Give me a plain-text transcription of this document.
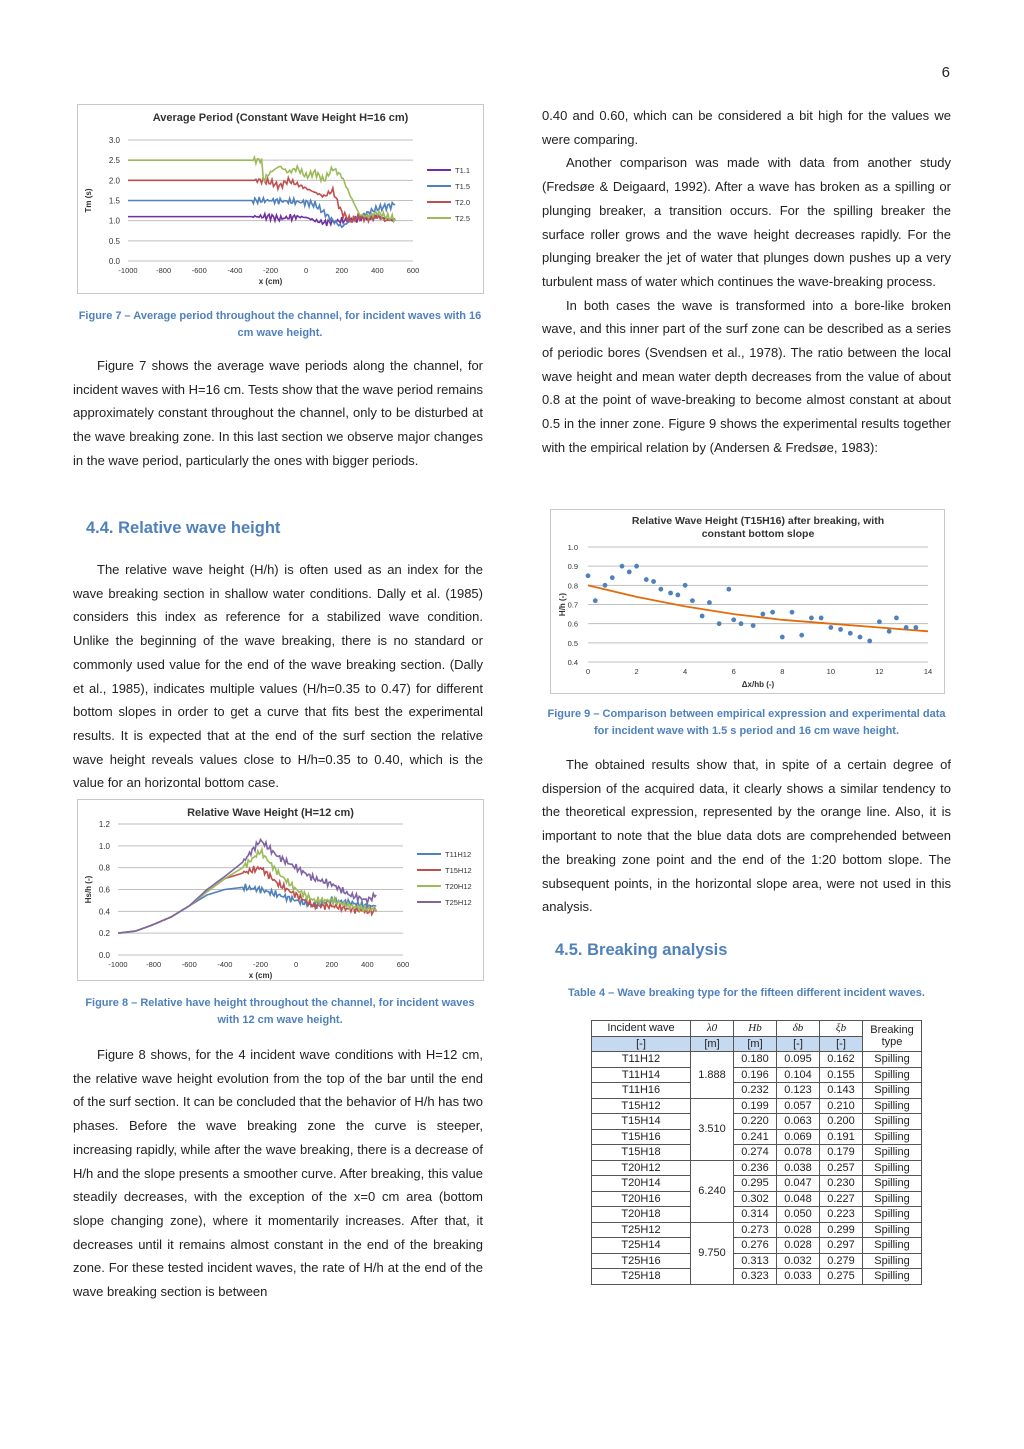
6
Average Period (Constant Wave Height H=16 cm)
0.0
0.5
1.0
1.5
2.0
2.5
3.0
-1000 -800	-600	-400	-200	0	200	400	600
x (cm)
Tm (s)
T1.1
T1.5
T2.0
T2.5
Figure 7 – Average period throughout the channel, for incident waves with 16 cm wave height.

Figure 7 shows the average wave periods along the channel, for incident waves with H=16 cm. Tests show that the wave period remains approximately constant throughout the channel, only to be disturbed at the wave breaking zone. In this last section we observe major changes in the wave period, particularly the ones with bigger periods.

4.4. Relative wave height

The relative wave height (H/h) is often used as an index for the wave breaking section in shallow water conditions. Dally et al. (1985) considers this index as reference for a stabilized wave condition. Unlike the beginning of the wave breaking, there is no standard or commonly used value for the end of the wave breaking section. (Dally et al., 1985), indicates multiple values (H/h=0.35 to 0.47) for different bottom slopes in order to get a curve that fits best the experimental results. It is expected that at the end of the surf section the relative wave height reveals values close to H/h=0.35 to 0.40, which is the value for an horizontal bottom case.

Relative Wave Height (H=12 cm)
0.0
0.2
0.4
0.6
0.8
1.0
1.2
-1000 -800	-600	-400	-200	0	200	400	600
x (cm)
Hs/h (-)
T11H12
T15H12
T20H12
T25H12
Figure 8 – Relative have height throughout the channel, for incident waves with 12 cm wave height.

Figure 8 shows, for the 4 incident wave conditions with H=12 cm, the relative wave height evolution from the top of the bar until the end of the surf section. It can be concluded that the behavior of H/h has two phases. Before the wave breaking zone the curve is steeper, increasing rapidly, while after the wave breaking, there is a decrease of H/h and the slope presents a smoother curve. After breaking, this value steadily decreases, with the exception of the x=0 cm area (bottom slope changing zone), where it momentarily increases. After that, it decreases until it remains almost constant in the end of the breaking zone. For these tested incident waves, the rate of H/h at the end of the wave breaking section is between

0.40 and 0.60, which can be considered a bit high for the values we were comparing.

Another comparison was made with data from another study (Fredsøe & Deigaard, 1992). After a wave has broken as a spilling or plunging breaker, a transition occurs. For the spilling breaker the surface roller grows and the wave height decreases rapidly. For the plunging breaker the jet of water that plunges down pushes up a very turbulent mass of water which continues the wave-breaking process.

In both cases the wave is transformed into a bore-like broken wave, and this inner part of the surf zone can be described as a series of periodic bores (Svendsen et al., 1978). The ratio between the local wave height and mean water depth decreases from the value of about 0.8 at the point of wave-breaking to become almost constant at about 0.5 in the inner zone. Figure 9 shows the experimental results together with the empirical relation by (Andersen & Fredsøe, 1983):

Relative Wave Height (T15H16) after breaking, with constant bottom slope
0.4
0.5
0.6
0.7
0.8
0.9
1.0
0	2	4	6	8	10	12	14
Δx/hb (-)
H/h (-)
Figure 9 – Comparison between empirical expression and experimental data for incident wave with 1.5 s period and 16 cm wave height.

The obtained results show that, in spite of a certain degree of dispersion of the acquired data, it clearly shows a similar tendency to the theoretical expression, represented by the orange line. Also, it is important to note that the blue data dots are comprehended between the breaking zone point and the end of the 1:20 bottom slope. The subsequent points, in the horizontal slope area, were not used in this analysis.

4.5. Breaking analysis
Table 4 – Wave breaking type for the fifteen different incident waves.
Incident wave	λ0	Hb	δb	ξb	Breaking type
[-]	[m]	[m]	[-]	[-]	
T11H12	1.888	0.180	0.095	0.162	Spilling
T11H14		0.196	0.104	0.155	Spilling
T11H16		0.232	0.123	0.143	Spilling
T15H12	3.510	0.199	0.057	0.210	Spilling
T15H14		0.220	0.063	0.200	Spilling
T15H16		0.241	0.069	0.191	Spilling
T15H18		0.274	0.078	0.179	Spilling
T20H12	6.240	0.236	0.038	0.257	Spilling
T20H14		0.295	0.047	0.230	Spilling
T20H16		0.302	0.048	0.227	Spilling
T20H18		0.314	0.050	0.223	Spilling
T25H12	9.750	0.273	0.028	0.299	Spilling
T25H14		0.276	0.028	0.297	Spilling
T25H16		0.313	0.032	0.279	Spilling
T25H18		0.323	0.033	0.275	Spilling
